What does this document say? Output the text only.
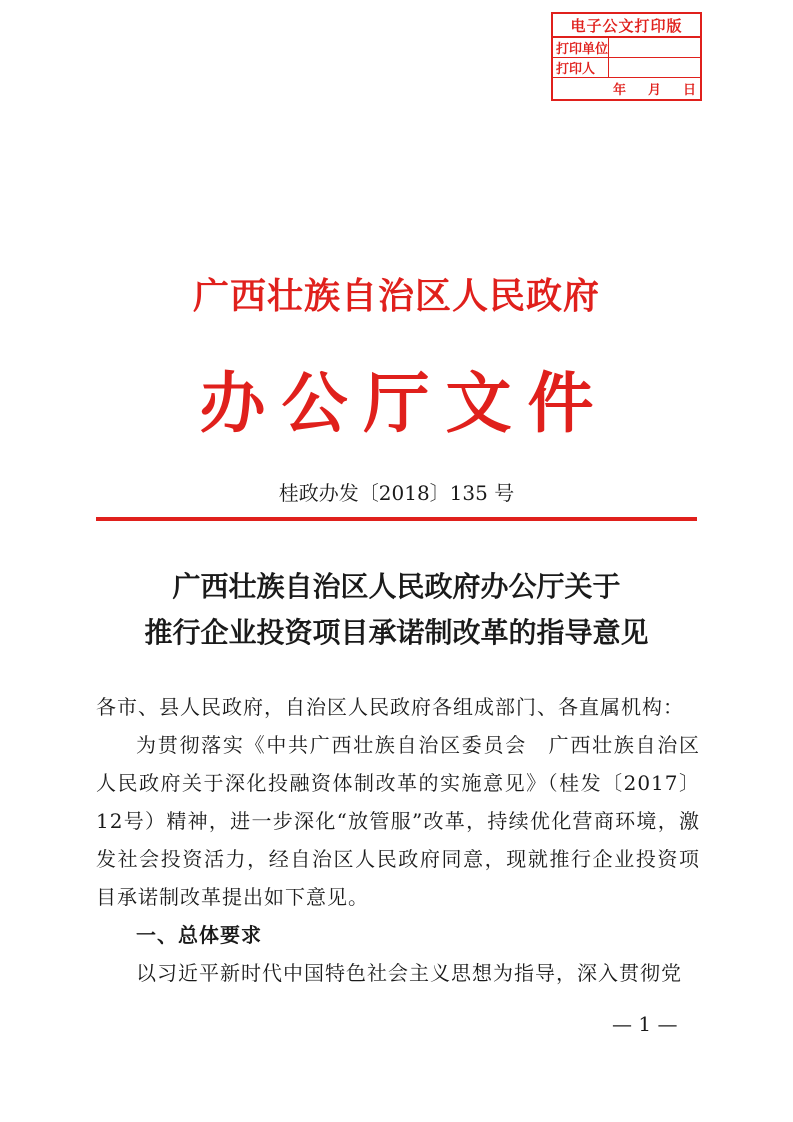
电子公文打印版
打印单位
打印人
年 月 日
广西壮族自治区人民政府
办公厅文件
桂政办发〔2018〕135 号
广西壮族自治区人民政府办公厅关于
推行企业投资项目承诺制改革的指导意见

各市、县人民政府，自治区人民政府各组成部门、各直属机构：

为贯彻落实《中共广西壮族自治区委员会　广西壮族自治区人民政府关于深化投融资体制改革的实施意见》（桂发〔2017〕12号）精神，进一步深化“放管服”改革，持续优化营商环境，激发社会投资活力，经自治区人民政府同意，现就推行企业投资项目承诺制改革提出如下意见。

一、总体要求

以习近平新时代中国特色社会主义思想为指导，深入贯彻党

— 1 —
